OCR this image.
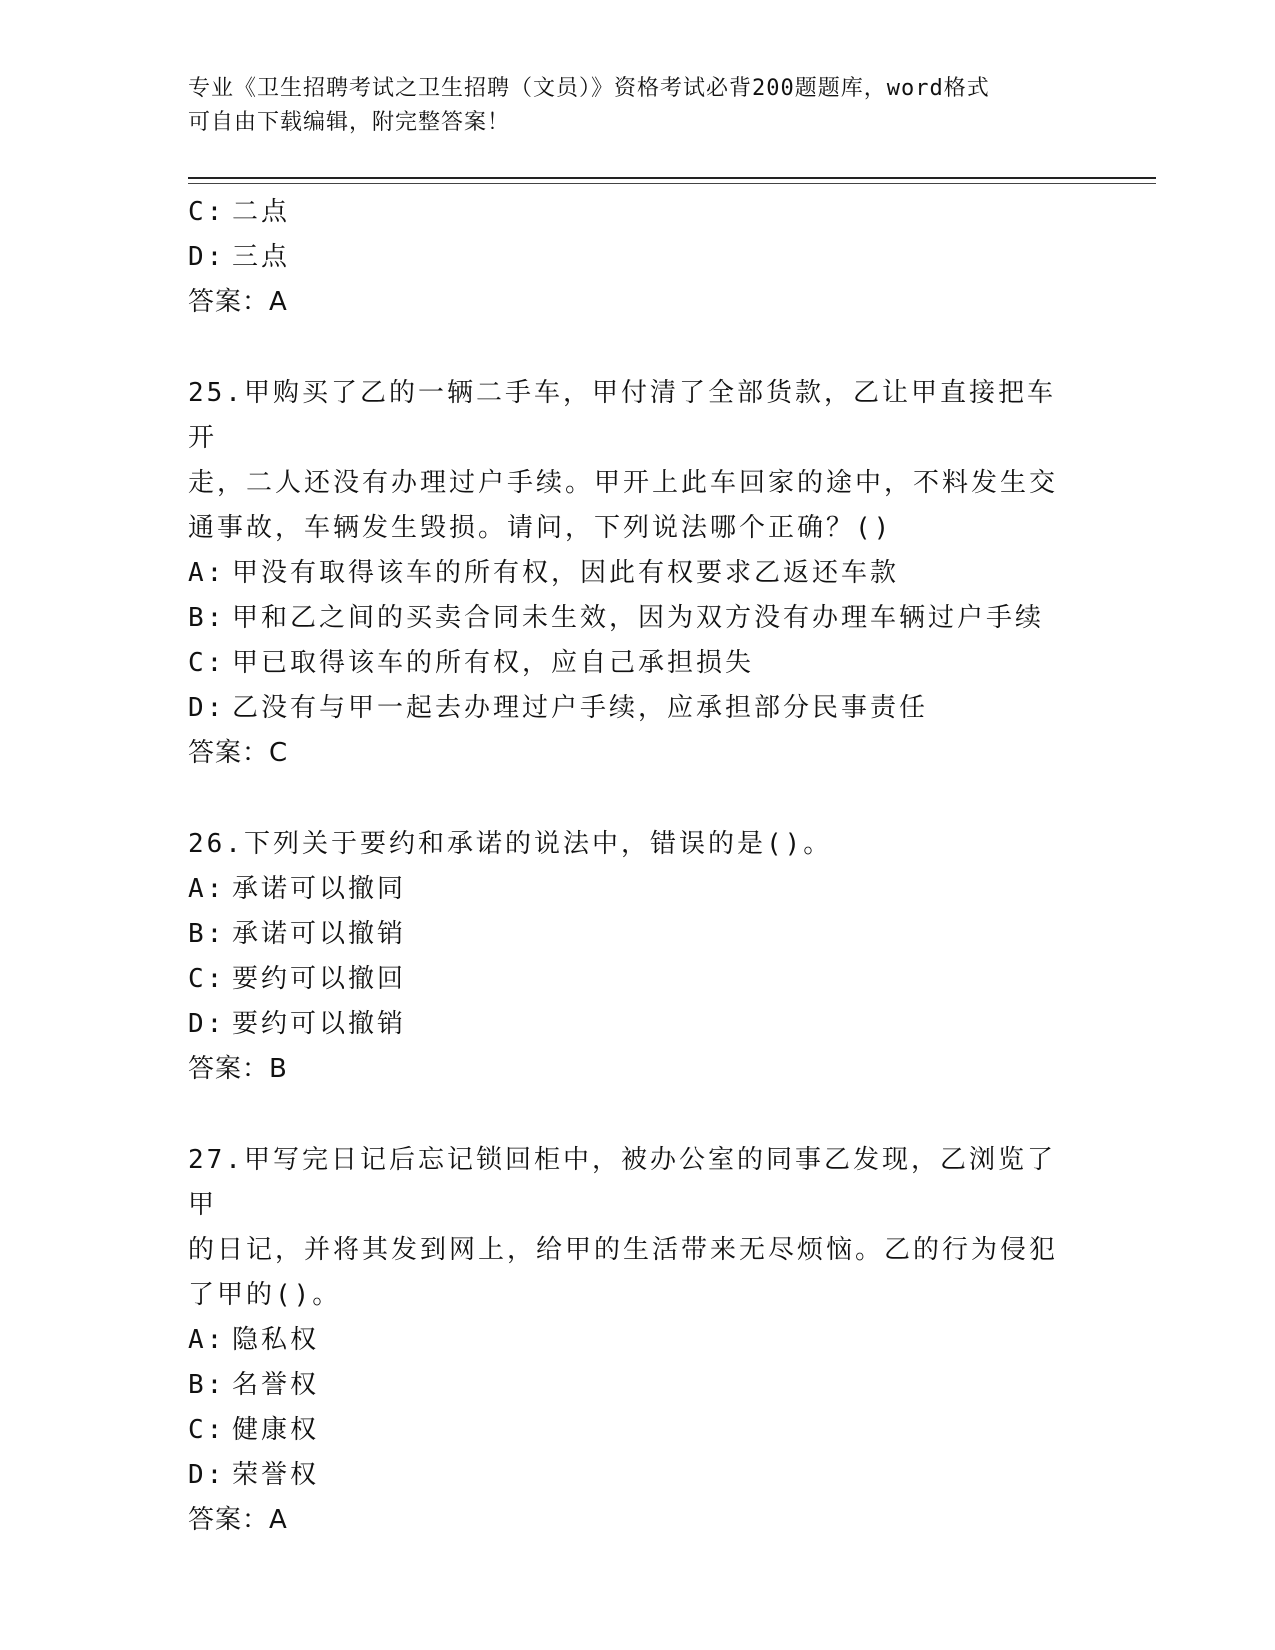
专业《卫生招聘考试之卫生招聘（文员）》资格考试必背200题题库，word格式
可自由下载编辑，附完整答案！
C: 二点
D: 三点
答案：A
25.甲购买了乙的一辆二手车，甲付清了全部货款，乙让甲直接把车开
走，二人还没有办理过户手续。甲开上此车回家的途中，不料发生交
通事故，车辆发生毁损。请问，下列说法哪个正确？()
A: 甲没有取得该车的所有权，因此有权要求乙返还车款
B: 甲和乙之间的买卖合同未生效，因为双方没有办理车辆过户手续
C: 甲已取得该车的所有权，应自己承担损失
D: 乙没有与甲一起去办理过户手续，应承担部分民事责任
答案：C
26.下列关于要约和承诺的说法中，错误的是()。
A: 承诺可以撤同
B: 承诺可以撤销
C: 要约可以撤回
D: 要约可以撤销
答案：B
27.甲写完日记后忘记锁回柜中，被办公室的同事乙发现，乙浏览了甲
的日记，并将其发到网上，给甲的生活带来无尽烦恼。乙的行为侵犯
了甲的()。
A: 隐私权
B: 名誉权
C: 健康权
D: 荣誉权
答案：A
